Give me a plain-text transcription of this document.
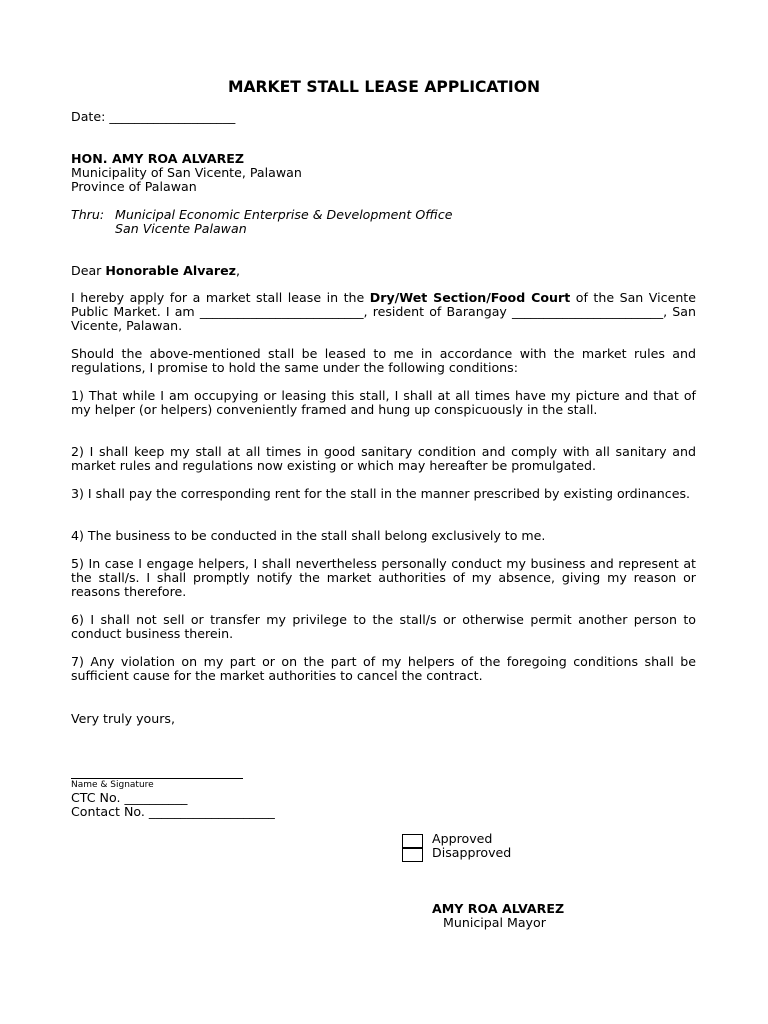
MARKET STALL LEASE APPLICATION
Date: ____________________
HON. AMY ROA ALVAREZ
Municipality of San Vicente, Palawan
Province of Palawan
Thru: Municipal Economic Enterprise & Development Office
San Vicente Palawan
Dear Honorable Alvarez,
I hereby apply for a market stall lease in the Dry/Wet Section/Food Court of the San Vicente Public Market. I am __________________________, resident of Barangay ________________________, San Vicente, Palawan.
Should the above-mentioned stall be leased to me in accordance with the market rules and regulations, I promise to hold the same under the following conditions:
1) That while I am occupying or leasing this stall, I shall at all times have my picture and that of my helper (or helpers) conveniently framed and hung up conspicuously in the stall.
2) I shall keep my stall at all times in good sanitary condition and comply with all sanitary and market rules and regulations now existing or which may hereafter be promulgated.
3) I shall pay the corresponding rent for the stall in the manner prescribed by existing ordinances.
4) The business to be conducted in the stall shall belong exclusively to me.
5) In case I engage helpers, I shall nevertheless personally conduct my business and represent at the stall/s. I shall promptly notify the market authorities of my absence, giving my reason or reasons therefore.
6) I shall not sell or transfer my privilege to the stall/s or otherwise permit another person to conduct business therein.
7) Any violation on my part or on the part of my helpers of the foregoing conditions shall be sufficient cause for the market authorities to cancel the contract.
Very truly yours,
Name & Signature
CTC No. __________
Contact No. ____________________
Approved
Disapproved
AMY ROA ALVAREZ
Municipal Mayor
